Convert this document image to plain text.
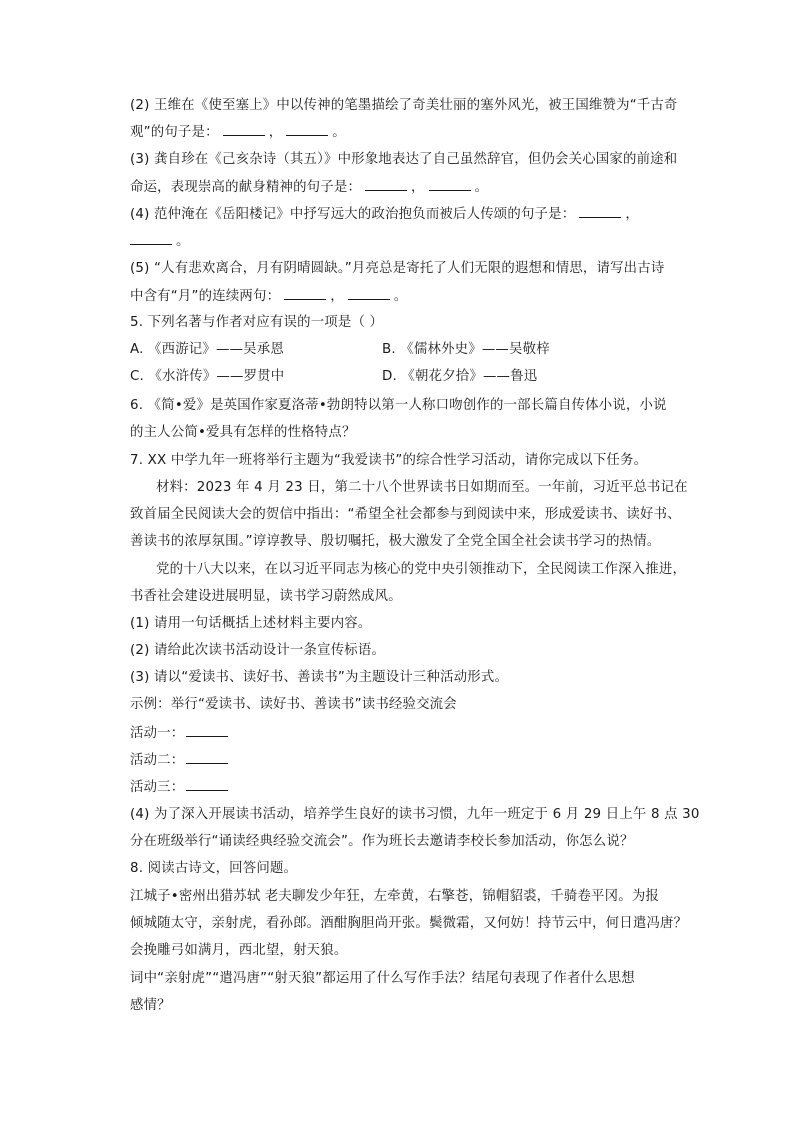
(2) 王维在《使至塞上》中以传神的笔墨描绘了奇美壮丽的塞外风光，被王国维赞为“千古奇
观”的句子是：	，	。
(3) 龚自珍在《己亥杂诗（其五）》中形象地表达了自己虽然辞官，但仍会关心国家的前途和
命运，表现崇高的献身精神的句子是：	，	。
(4) 范仲淹在《岳阳楼记》中抒写远大的政治抱负而被后人传颂的句子是：	，
。
(5) “人有悲欢离合，月有阴晴圆缺。”月亮总是寄托了人们无限的遐想和情思，请写出古诗
中含有“月”的连续两句：	，	。
5. 下列名著与作者对应有误的一项是（ ）
A. 《西游记》——吴承恩	B. 《儒林外史》——吴敬梓
C. 《水浒传》——罗贯中	D. 《朝花夕拾》——鲁迅
6. 《简•爱》是英国作家夏洛蒂•勃朗特以第一人称口吻创作的一部长篇自传体小说，小说
的主人公简•爱具有怎样的性格特点？
7. XX 中学九年一班将举行主题为“我爱读书”的综合性学习活动，请你完成以下任务。
材料：2023 年 4 月 23 日，第二十八个世界读书日如期而至。一年前，习近平总书记在
致首届全民阅读大会的贺信中指出：“希望全社会都参与到阅读中来，形成爱读书、读好书、
善读书的浓厚氛围。”谆谆教导、殷切嘱托，极大激发了全党全国全社会读书学习的热情。
党的十八大以来，在以习近平同志为核心的党中央引领推动下，全民阅读工作深入推进，
书香社会建设进展明显，读书学习蔚然成风。
(1) 请用一句话概括上述材料主要内容。
(2) 请给此次读书活动设计一条宣传标语。
(3) 请以“爱读书、读好书、善读书”为主题设计三种活动形式。
示例：举行“爱读书、读好书、善读书”读书经验交流会
活动一：
活动二：
活动三：
(4) 为了深入开展读书活动，培养学生良好的读书习惯，九年一班定于 6 月 29 日上午 8 点 30
分在班级举行“诵读经典经验交流会”。作为班长去邀请李校长参加活动，你怎么说？
8. 阅读古诗文，回答问题。
江城子•密州出猎苏轼 老夫聊发少年狂，左牵黄，右擎苍，锦帽貂裘，千骑卷平冈。为报
倾城随太守，亲射虎，看孙郎。酒酣胸胆尚开张。鬓微霜，又何妨！持节云中，何日遣冯唐？
会挽雕弓如满月，西北望，射天狼。
词中“亲射虎”“遣冯唐”“射天狼”都运用了什么写作手法？结尾句表现了作者什么思想
感情？
